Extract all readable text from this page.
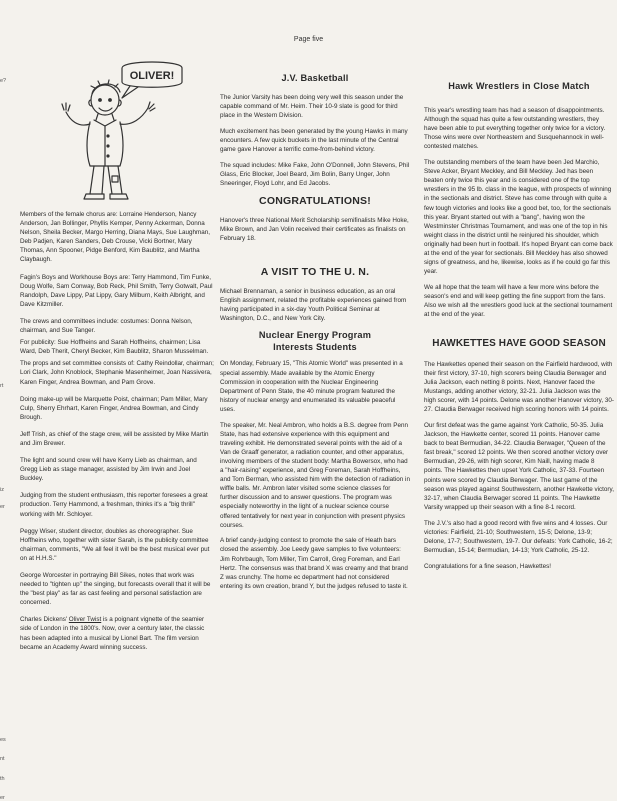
Page five
e?
rt
iz
er
es
nt
th
er
OLIVER!

Members of the female chorus are: Lorraine Henderson, Nancy Anderson, Jan Bollinger, Phyllis Kemper, Penny Ackerman, Donna Nelson, Sheila Becker, Margo Herring, Diana Mays, Sue Laughman, Deb Padjen, Karen Sanders, Deb Crouse, Vicki Bortner, Mary Thomas, Ann Spooner, Pidge Benford, Kim Baublitz, and Martha Claybaugh.

Fagin's Boys and Workhouse Boys are: Terry Hammond, Tim Funke, Doug Wolfe, Sam Conway, Bob Reck, Phil Smith, Terry Gotwalt, Paul Randolph, Dave Lippy, Pat Lippy, Gary Milburn, Keith Albright, and Dave Kitzmiller.

The crews and committees include: costumes: Donna Nelson, chairman, and Sue Tanger.

For publicity: Sue Hoffheins and Sarah Hoffheins, chairmen; Lisa Ward, Deb Therit, Cheryl Becker, Kim Baublitz, Sharon Musselman.

The props and set committee consists of: Cathy Reindollar, chairman; Lori Clark, John Knoblock, Stephanie Masenheimer, Joan Nassivera, Karen Finger, Andrea Bowman, and Pam Grove.

Doing make-up will be Marquette Poist, chairman; Pam Miller, Mary Culp, Sherry Ehrhart, Karen Finger, Andrea Bowman, and Cindy Brough.

Jeff Trish, as chief of the stage crew, will be assisted by Mike Martin and Jim Brewer.

The light and sound crew will have Kerry Lieb as chairman, and Gregg Lieb as stage manager, assisted by Jim Irwin and Joel Buckley.

Judging from the student enthusiasm, this reporter foresees a great production. Terry Hammond, a freshman, thinks it's a "big thrill" working with Mr. Schloyer.

Peggy Wiser, student director, doubles as choreographer. Sue Hoffheins who, together with sister Sarah, is the publicity committee chairman, comments, "We all feel it will be the best musical ever put on at H.H.S."

George Worcester in portraying Bill Sikes, notes that work was needed to "tighten up" the singing, but forecasts overall that it will be the "best play" as far as cast feeling and personal satisfaction are concerned.

Charles Dickens' Oliver Twist is a poignant vignette of the seamier side of London in the 1800's. Now, over a century later, the classic has been adapted into a musical by Lionel Bart. The film version became an Academy Award winning success.

J.V. Basketball

The Junior Varsity has been doing very well this season under the capable command of Mr. Heim. Their 10-9 slate is good for third place in the Western Division.

Much excitement has been generated by the young Hawks in many encounters. A few quick buckets in the last minute of the Central game gave Hanover a terrific come-from-behind victory.

The squad includes: Mike Fake, John O'Donnell, John Stevens, Phil Glass, Eric Blocker, Joel Beard, Jim Bolin, Barry Unger, John Sneeringer, Floyd Lohr, and Ed Jacobs.

CONGRATULATIONS!

Hanover's three National Merit Scholarship semifinalists Mike Hoke, Mike Brown, and Jan Volin received their certificates as finalists on February 18.

A VISIT TO THE U. N.

Michael Brennaman, a senior in business education, as an oral English assignment, related the profitable experiences gained from having participated in a six-day Youth Political Seminar at Washington, D.C., and New York City.

Nuclear Energy Program
Interests Students

On Monday, February 15, "This Atomic World" was presented in a special assembly. Made available by the Atomic Energy Commission in cooperation with the Nuclear Engineering Department of Penn State, the 40 minute program featured the history of nuclear energy and enumerated its valuable peaceful uses.

The speaker, Mr. Neal Ambron, who holds a B.S. degree from Penn State, has had extensive experience with this equipment and traveling exhibit. He demonstrated several points with the aid of a Van de Graaff generator, a radiation counter, and other apparatus, involving members of the student body: Martha Bowersox, who had a "hair-raising" experience, and Greg Foreman, Sarah Hoffheins, and Tom Berman, who assisted him with the detection of radiation in wiffle balls. Mr. Ambron later visited some science classes for further discussion and to answer questions. The program was especially noteworthy in the light of a nuclear science course offered tentatively for next year in conjunction with present physics courses.

A brief candy-judging contest to promote the sale of Heath bars closed the assembly. Joe Leedy gave samples to five volunteers: Jim Rohrbaugh, Tom Miller, Tim Carroll, Greg Foreman, and Earl Hertz. The consensus was that brand X was creamy and that brand Z was crunchy. The home ec department had not considered entering its own creation, brand Y, but the judges refused to taste it.

Hawk Wrestlers in Close Match

This year's wrestling team has had a season of disappointments. Although the squad has quite a few outstanding wrestlers, they have been able to put everything together only twice for a victory. Those wins were over Northeastern and Susquehannock in well-contested matches.

The outstanding members of the team have been Jed Marchio, Steve Acker, Bryant Meckley, and Bill Meckley. Jed has been beaten only twice this year and is considered one of the top wrestlers in the 95 lb. class in the league, with prospects of winning in the sectionals and district. Steve has come through with quite a few tough victories and looks like a good bet, too, for the sectionals this year. Bryant started out with a "bang", having won the Westminster Christmas Tournament, and was one of the top in his weight class in the district until he reinjured his shoulder, which originally had been hurt in football. It's hoped Bryant can come back at the end of the year for sectionals. Bill Meckley has also showed signs of greatness, and he, likewise, looks as if he could go far this year.

We all hope that the team will have a few more wins before the season's end and will keep getting the fine support from the fans. Also we wish all the wrestlers good luck at the sectional tournament at the end of the year.

HAWKETTES HAVE GOOD SEASON

The Hawkettes opened their season on the Fairfield hardwood, with their first victory, 37-10, high scorers being Claudia Berwager and Julia Jackson, each netting 8 points. Next, Hanover faced the Mustangs, adding another victory, 32-21. Julia Jackson was the high scorer, with 14 points. Delone was another Hanover victory, 30-27. Claudia Berwager received high scoring honors with 14 points.

Our first defeat was the game against York Catholic, 50-35. Julia Jackson, the Hawkette center, scored 11 points. Hanover came back to beat Bermudian, 34-22. Claudia Berwager, "Queen of the fast break," scored 12 points. We then scored another victory over Bermudian, 29-26, with high scorer, Kim Naill, having made 8 points. The Hawkettes then upset York Catholic, 37-33. Fourteen points were scored by Claudia Berwager. The last game of the season was played against Southwestern, another Hawkette victory, 32-17, when Claudia Berwager scored 11 points. The Hawkette Varsity wrapped up their season with a fine 8-1 record.

The J.V.'s also had a good record with five wins and 4 losses. Our victories: Fairfield, 21-10; Southwestern, 15-5; Delone, 13-9; Delone, 17-7; Southwestern, 19-7. Our defeats: York Catholic, 16-2; Bermudian, 15-14; Bermudian, 14-13; York Catholic, 25-12.

Congratulations for a fine season, Hawkettes!
